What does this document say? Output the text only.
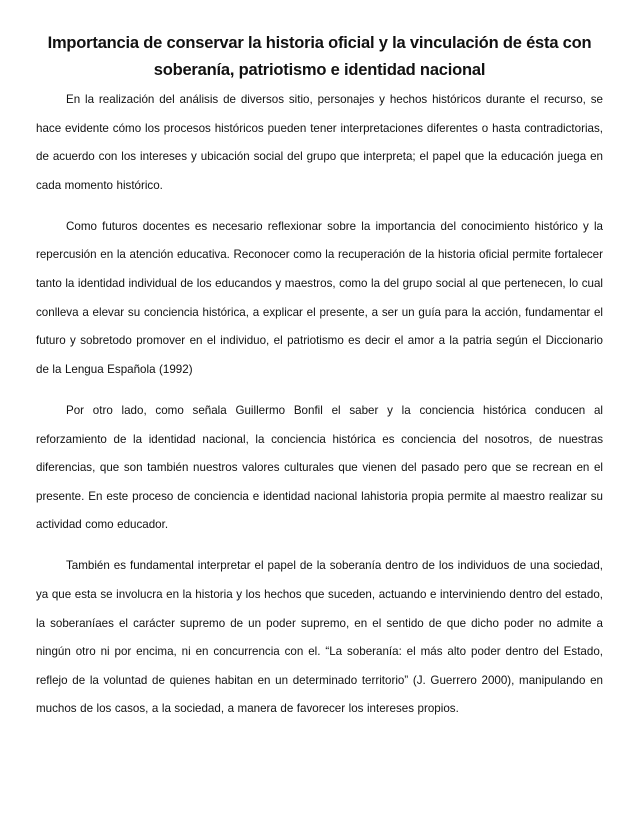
Importancia de conservar la historia oficial y la vinculación de ésta con soberanía, patriotismo e identidad nacional

En la realización del análisis de diversos sitio, personajes y hechos históricos durante el recurso, se hace evidente cómo los procesos históricos pueden tener interpretaciones diferentes o hasta contradictorias, de acuerdo con los intereses y ubicación social del grupo que interpreta; el papel que la educación juega en cada momento histórico.

Como futuros docentes es necesario reflexionar sobre la importancia del conocimiento histórico y la repercusión en la atención educativa. Reconocer como la recuperación de la historia oficial permite fortalecer tanto la identidad individual de los educandos y maestros, como la del grupo social al que pertenecen, lo cual conlleva a elevar su conciencia histórica, a explicar el presente, a ser un guía para la acción, fundamentar el futuro y sobretodo promover en el individuo, el patriotismo es decir el amor a la patria según el Diccionario de la Lengua Española (1992)

Por otro lado, como señala Guillermo Bonfil el saber y la conciencia histórica conducen al reforzamiento de la identidad nacional, la conciencia histórica es conciencia del nosotros, de nuestras diferencias, que son también nuestros valores culturales que vienen del pasado pero que se recrean en el presente. En este proceso de conciencia e identidad nacional lahistoria propia permite al maestro realizar su actividad como educador.

También es fundamental interpretar el papel de la soberanía dentro de los individuos de una sociedad, ya que esta se involucra en la historia y los hechos que suceden, actuando e interviniendo dentro del estado, la soberaníaes el carácter supremo de un poder supremo, en el sentido de que dicho poder no admite a ningún otro ni por encima, ni en concurrencia con el. “La soberanía: el más alto poder dentro del Estado, reflejo de la voluntad de quienes habitan en un determinado territorio” (J. Guerrero 2000), manipulando en muchos de los casos, a la sociedad, a manera de favorecer los intereses propios.
